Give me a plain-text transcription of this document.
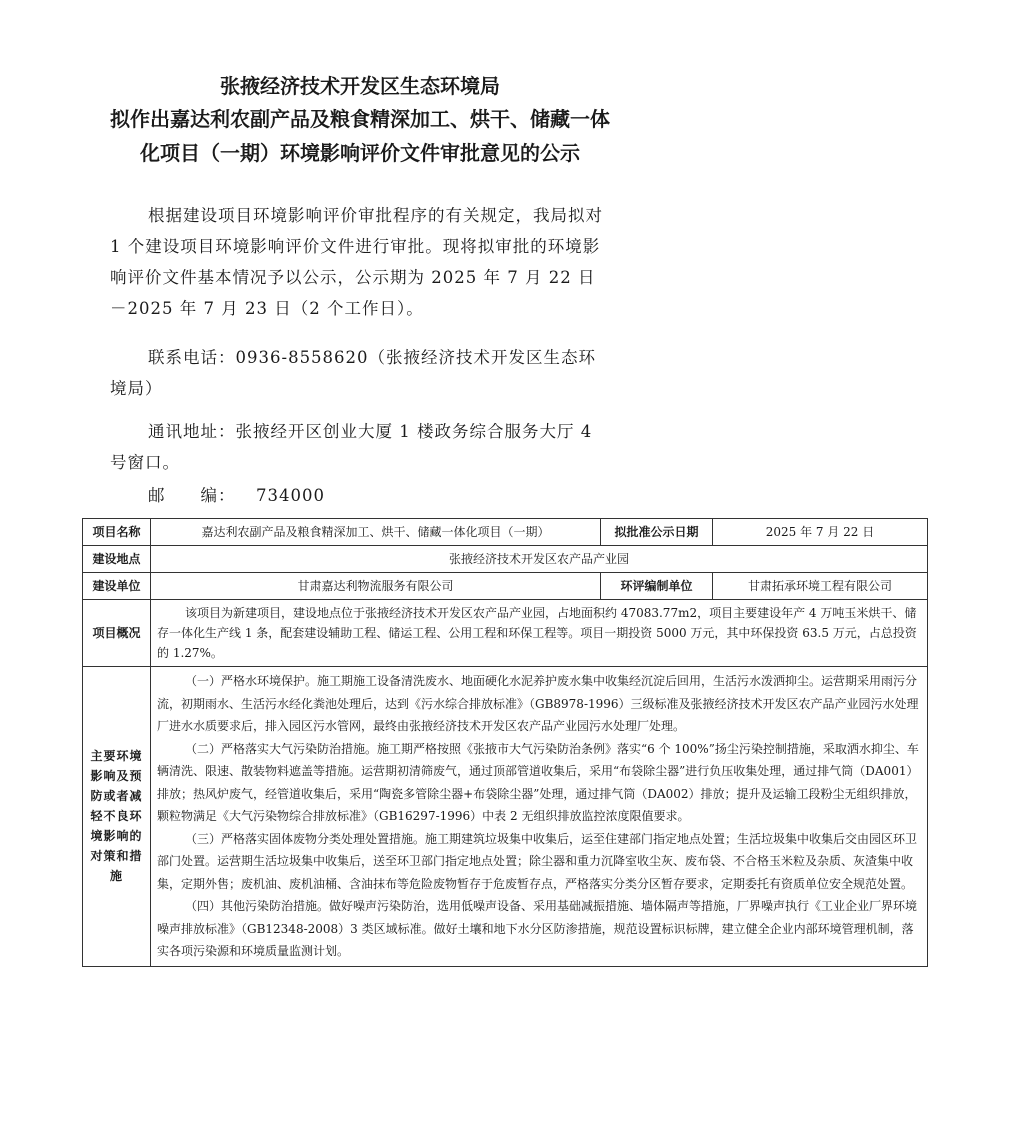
张掖经济技术开发区生态环境局
拟作出嘉达利农副产品及粮食精深加工、烘干、储藏一体
化项目（一期）环境影响评价文件审批意见的公示
根据建设项目环境影响评价审批程序的有关规定，我局拟对 1 个建设项目环境影响评价文件进行审批。现将拟审批的环境影响评价文件基本情况予以公示，公示期为 2025 年 7 月 22 日－2025 年 7 月 23 日（2 个工作日）。
联系电话：0936-8558620（张掖经济技术开发区生态环境局）
通讯地址：张掖经开区创业大厦 1 楼政务综合服务大厅 4 号窗口。
邮　　编： 734000
项目名称	嘉达利农副产品及粮食精深加工、烘干、储藏一体化项目（一期）	拟批准公示日期	2025 年 7 月 22 日
建设地点	张掖经济技术开发区农产品产业园		
建设单位	甘肃嘉达利物流服务有限公司	环评编制单位	甘肃拓承环境工程有限公司
项目概况	该项目为新建项目，建设地点位于张掖经济技术开发区农产品产业园，占地面积约 47083.77m2，项目主要建设年产 4 万吨玉米烘干、储存一体化生产线 1 条，配套建设辅助工程、储运工程、公用工程和环保工程等。项目一期投资 5000 万元，其中环保投资 63.5 万元，占总投资的 1.27%。		
主要环境影响及预防或者减轻不良环境影响的对策和措施	（一）严格水环境保护。施工期施工设备清洗废水、地面硬化水泥养护废水集中收集经沉淀后回用，生活污水泼洒抑尘。运营期采用雨污分流，初期雨水、生活污水经化粪池处理后，达到《污水综合排放标准》（GB8978-1996）三级标准及张掖经济技术开发区农产品产业园污水处理厂进水水质要求后，排入园区污水管网，最终由张掖经济技术开发区农产品产业园污水处理厂处理。

（二）严格落实大气污染防治措施。施工期严格按照《张掖市大气污染防治条例》落实“6 个 100%”扬尘污染控制措施，采取洒水抑尘、车辆清洗、限速、散装物料遮盖等措施。运营期初清筛废气，通过顶部管道收集后，采用“布袋除尘器”进行负压收集处理，通过排气筒（DA001）排放；热风炉废气，经管道收集后，采用“陶瓷多管除尘器+布袋除尘器”处理，通过排气筒（DA002）排放；提升及运输工段粉尘无组织排放，颗粒物满足《大气污染物综合排放标准》（GB16297-1996）中表 2 无组织排放监控浓度限值要求。

（三）严格落实固体废物分类处理处置措施。施工期建筑垃圾集中收集后，运至住建部门指定地点处置；生活垃圾集中收集后交由园区环卫部门处置。运营期生活垃圾集中收集后，送至环卫部门指定地点处置；除尘器和重力沉降室收尘灰、废布袋、不合格玉米粒及杂质、灰渣集中收集，定期外售；废机油、废机油桶、含油抹布等危险废物暂存于危废暂存点，严格落实分类分区暂存要求，定期委托有资质单位安全规范处置。

（四）其他污染防治措施。做好噪声污染防治，选用低噪声设备、采用基础减振措施、墙体隔声等措施，厂界噪声执行《工业企业厂界环境噪声排放标准》（GB12348-2008）3 类区域标准。做好土壤和地下水分区防渗措施，规范设置标识标牌，建立健全企业内部环境管理机制，落实各项污染源和环境质量监测计划。		
